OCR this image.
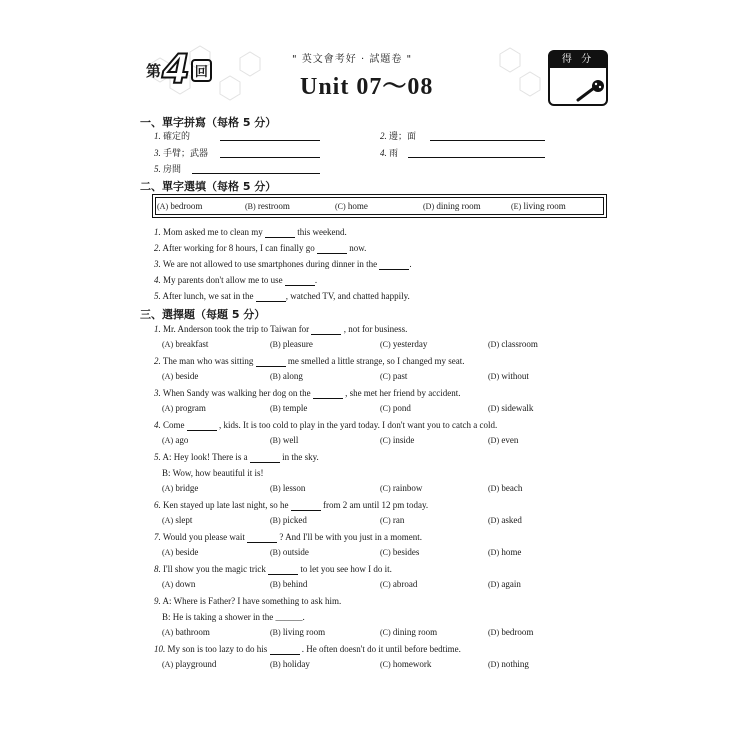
第 4 回
" 英文會考好 · 試題卷 "
Unit 07～08
得 分
一、單字拼寫（每格 5 分）
1. 確定的	2. 邊；面
3. 手臂；武器	4. 雨
5. 房間
二、單字選填（每格 5 分）
(A) bedroom	(B) restroom	(C) home	(D) dining room	(E) living room
1. Mom asked me to clean my	this weekend.
2. After working for 8 hours, I can finally go	now.
3. We are not allowed to use smartphones during dinner in the	.
4. My parents don't allow me to use	.
5. After lunch, we sat in the	, watched TV, and chatted happily.
三、選擇題（每題 5 分）
1. Mr. Anderson took the trip to Taiwan for	, not for business.
(A) breakfast	(B) pleasure	(C) yesterday	(D) classroom
2. The man who was sitting	me smelled a little strange, so I changed my seat.
(A) beside	(B) along	(C) past	(D) without
3. When Sandy was walking her dog on the	, she met her friend by accident.
(A) program	(B) temple	(C) pond	(D) sidewalk
4. Come	, kids. It is too cold to play in the yard today. I don't want you to catch a cold.
(A) ago	(B) well	(C) inside	(D) even
5. A: Hey look! There is a	in the sky.
B: Wow, how beautiful it is!
(A) bridge	(B) lesson	(C) rainbow	(D) beach
6. Ken stayed up late last night, so he	from 2 am until 12 pm today.
(A) slept	(B) picked	(C) ran	(D) asked
7. Would you please wait	? And I'll be with you just in a moment.
(A) beside	(B) outside	(C) besides	(D) home
8. I'll show you the magic trick	to let you see how I do it.
(A) down	(B) behind	(C) abroad	(D) again
9. A: Where is Father? I have something to ask him.
B: He is taking a shower in the ______.
(A) bathroom	(B) living room	(C) dining room	(D) bedroom
10. My son is too lazy to do his	. He often doesn't do it until before bedtime.
(A) playground	(B) holiday	(C) homework	(D) nothing
